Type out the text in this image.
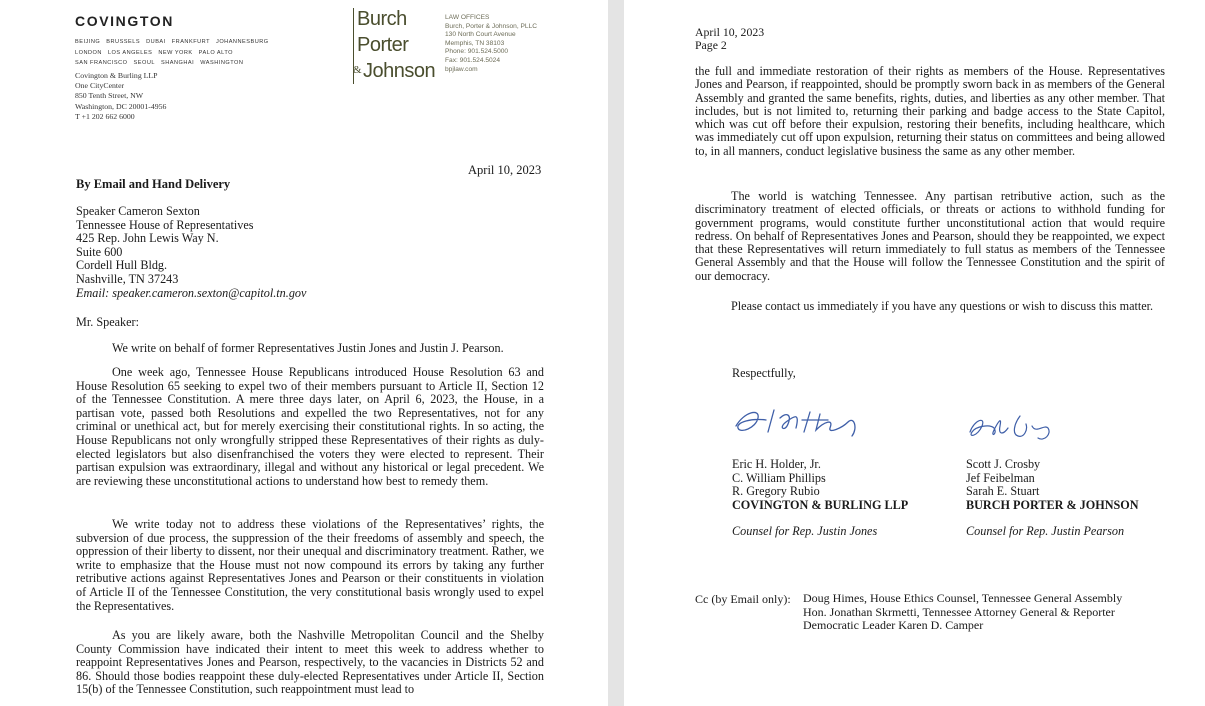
COVINGTON
BEIJING BRUSSELS DUBAI FRANKFURT JOHANNESBURG
LONDON LOS ANGELES NEW YORK PALO ALTO
SAN FRANCISCO SEOUL SHANGHAI WASHINGTON
Covington & Burling LLP
One CityCenter
850 Tenth Street, NW
Washington, DC 20001-4956
T +1 202 662 6000
Burch
Porter
& Johnson
LAW OFFICES
Burch, Porter & Johnson, PLLC
130 North Court Avenue
Memphis, TN 38103
Phone: 901.524.5000
Fax: 901.524.5024
bpjlaw.com
April 10, 2023
By Email and Hand Delivery
Speaker Cameron Sexton
Tennessee House of Representatives
425 Rep. John Lewis Way N.
Suite 600
Cordell Hull Bldg.
Nashville, TN 37243
Email: speaker.cameron.sexton@capitol.tn.gov
Mr. Speaker:

We write on behalf of former Representatives Justin Jones and Justin J. Pearson.

One week ago, Tennessee House Republicans introduced House Resolution 63 and House Resolution 65 seeking to expel two of their members pursuant to Article II, Section 12 of the Tennessee Constitution. A mere three days later, on April 6, 2023, the House, in a partisan vote, passed both Resolutions and expelled the two Representatives, not for any criminal or unethical act, but for merely exercising their constitutional rights. In so acting, the House Republicans not only wrongfully stripped these Representatives of their rights as duly-elected legislators but also disenfranchised the voters they were elected to represent. Their partisan expulsion was extraordinary, illegal and without any historical or legal precedent. We are reviewing these unconstitutional actions to understand how best to remedy them.

We write today not to address these violations of the Representatives’ rights, the subversion of due process, the suppression of the their freedoms of assembly and speech, the oppression of their liberty to dissent, nor their unequal and discriminatory treatment. Rather, we write to emphasize that the House must not now compound its errors by taking any further retributive actions against Representatives Jones and Pearson or their constituents in violation of Article II of the Tennessee Constitution, the very constitutional basis wrongly used to expel the Representatives.

As you are likely aware, both the Nashville Metropolitan Council and the Shelby County Commission have indicated their intent to meet this week to address whether to reappoint Representatives Jones and Pearson, respectively, to the vacancies in Districts 52 and 86. Should those bodies reappoint these duly-elected Representatives under Article II, Section 15(b) of the Tennessee Constitution, such reappointment must lead to

April 10, 2023
Page 2

the full and immediate restoration of their rights as members of the House. Representatives Jones and Pearson, if reappointed, should be promptly sworn back in as members of the General Assembly and granted the same benefits, rights, duties, and liberties as any other member. That includes, but is not limited to, returning their parking and badge access to the State Capitol, which was cut off before their expulsion, restoring their benefits, including healthcare, which was immediately cut off upon expulsion, returning their status on committees and being allowed to, in all manners, conduct legislative business the same as any other member.

The world is watching Tennessee. Any partisan retributive action, such as the discriminatory treatment of elected officials, or threats or actions to withhold funding for government programs, would constitute further unconstitutional action that would require redress. On behalf of Representatives Jones and Pearson, should they be reappointed, we expect that these Representatives will return immediately to full status as members of the Tennessee General Assembly and that the House will follow the Tennessee Constitution and the spirit of our democracy.

Please contact us immediately if you have any questions or wish to discuss this matter.

Respectfully,
Eric H. Holder, Jr.
C. William Phillips
R. Gregory Rubio
COVINGTON & BURLING LLP
Counsel for Rep. Justin Jones
Scott J. Crosby
Jef Feibelman
Sarah E. Stuart
BURCH PORTER & JOHNSON
Counsel for Rep. Justin Pearson
Cc (by Email only): Doug Himes, House Ethics Counsel, Tennessee General Assembly
Hon. Jonathan Skrmetti, Tennessee Attorney General & Reporter
Democratic Leader Karen D. Camper
